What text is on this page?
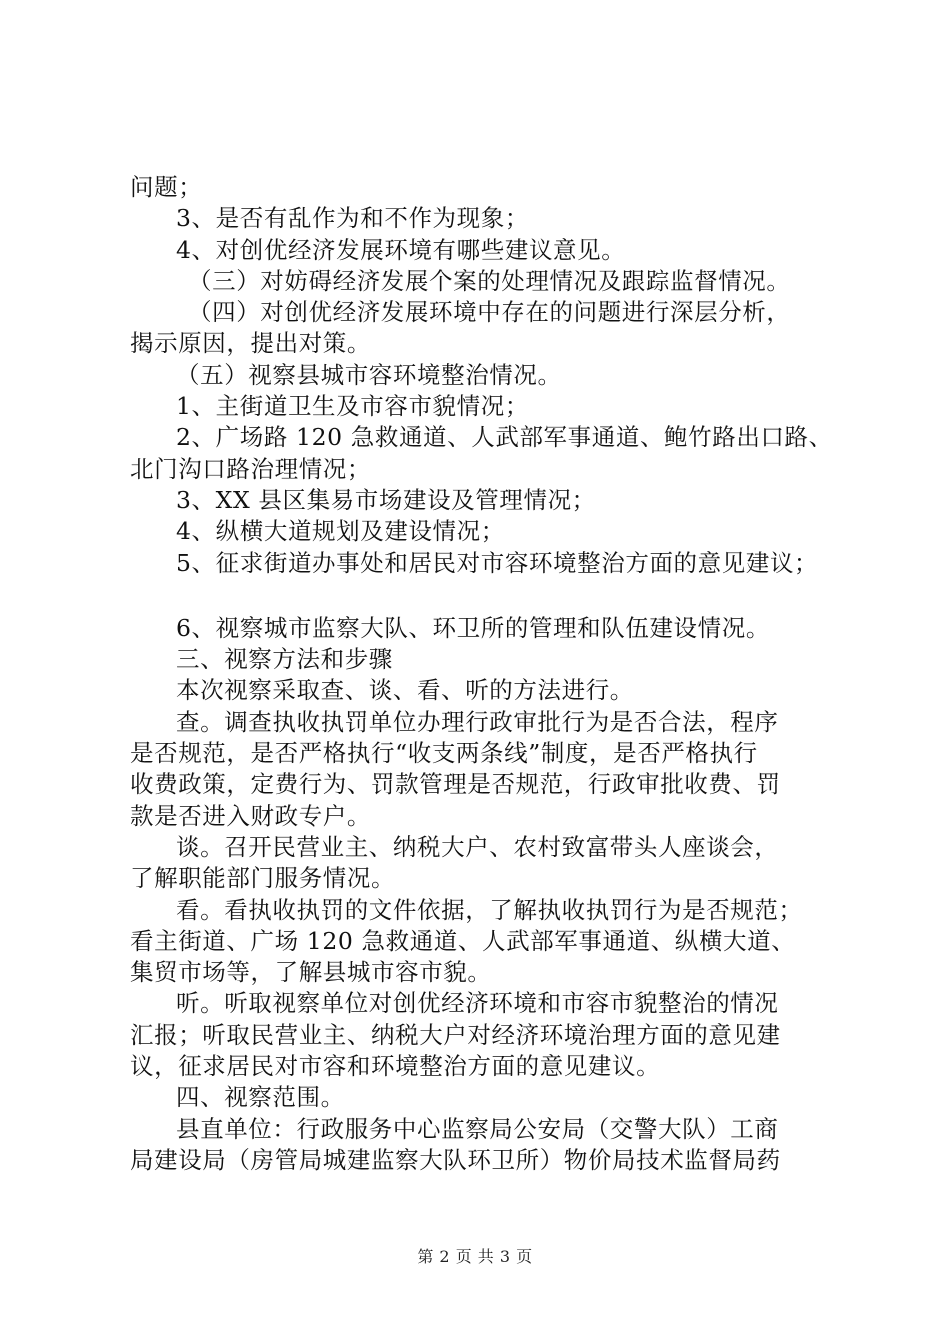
问题；
3、是否有乱作为和不作为现象；
4、对创优经济发展环境有哪些建议意见。
（三）对妨碍经济发展个案的处理情况及跟踪监督情况。
（四）对创优经济发展环境中存在的问题进行深层分析，
揭示原因，提出对策。
（五）视察县城市容环境整治情况。
1、主街道卫生及市容市貌情况；
2、广场路 120 急救通道、人武部军事通道、鲍竹路出口路、
北门沟口路治理情况；
3、XX 县区集易市场建设及管理情况；
4、纵横大道规划及建设情况；
5、征求街道办事处和居民对市容环境整治方面的意见建议；
6、视察城市监察大队、环卫所的管理和队伍建设情况。
三、视察方法和步骤
本次视察采取查、谈、看、听的方法进行。
查。调查执收执罚单位办理行政审批行为是否合法，程序
是否规范，是否严格执行“收支两条线”制度，是否严格执行
收费政策，定费行为、罚款管理是否规范，行政审批收费、罚
款是否进入财政专户。
谈。召开民营业主、纳税大户、农村致富带头人座谈会，
了解职能部门服务情况。
看。看执收执罚的文件依据，了解执收执罚行为是否规范；
看主街道、广场 120 急救通道、人武部军事通道、纵横大道、
集贸市场等，了解县城市容市貌。
听。听取视察单位对创优经济环境和市容市貌整治的情况
汇报；听取民营业主、纳税大户对经济环境治理方面的意见建
议，征求居民对市容和环境整治方面的意见建议。
四、视察范围。
县直单位：行政服务中心监察局公安局（交警大队）工商
局建设局（房管局城建监察大队环卫所）物价局技术监督局药
第 2 页 共 3 页
